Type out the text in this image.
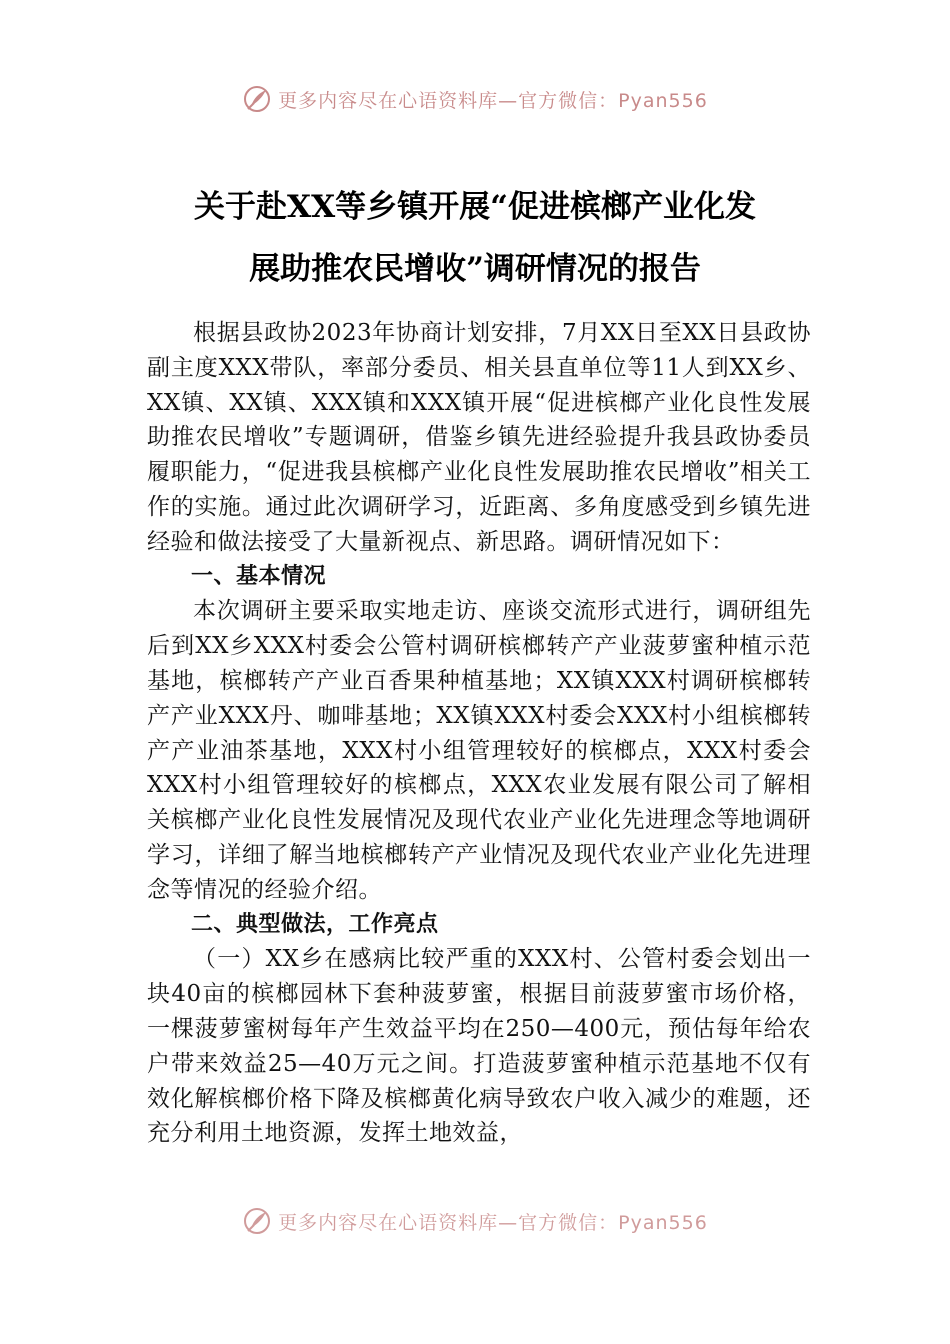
更多内容尽在心语资料库—官方微信：Pyan556
关于赴XX等乡镇开展“促进槟榔产业化发
展助推农民增收”调研情况的报告

根据县政协2023年协商计划安排，7月XX日至XX日县政协副主度XXX带队，率部分委员、相关县直单位等11人到XX乡、XX镇、XX镇、XXX镇和XXX镇开展“促进槟榔产业化良性发展助推农民增收”专题调研，借鉴乡镇先进经验提升我县政协委员履职能力，“促进我县槟榔产业化良性发展助推农民增收”相关工作的实施。通过此次调研学习，近距离、多角度感受到乡镇先进经验和做法接受了大量新视点、新思路。调研情况如下：

一、基本情况

本次调研主要采取实地走访、座谈交流形式进行，调研组先后到XX乡XXX村委会公管村调研槟榔转产产业菠萝蜜种植示范基地，槟榔转产产业百香果种植基地；XX镇XXX村调研槟榔转产产业XXX丹、咖啡基地；XX镇XXX村委会XXX村小组槟榔转产产业油茶基地，XXX村小组管理较好的槟榔点，XXX村委会XXX村小组管理较好的槟榔点，XXX农业发展有限公司了解相关槟榔产业化良性发展情况及现代农业产业化先进理念等地调研学习，详细了解当地槟榔转产产业情况及现代农业产业化先进理念等情况的经验介绍。

二、典型做法，工作亮点

（一）XX乡在感病比较严重的XXX村、公管村委会划出一块40亩的槟榔园林下套种菠萝蜜，根据目前菠萝蜜市场价格，一棵菠萝蜜树每年产生效益平均在250—400元，预估每年给农户带来效益25—40万元之间。打造菠萝蜜种植示范基地不仅有效化解槟榔价格下降及槟榔黄化病导致农户收入减少的难题，还充分利用土地资源，发挥土地效益，

更多内容尽在心语资料库—官方微信：Pyan556
